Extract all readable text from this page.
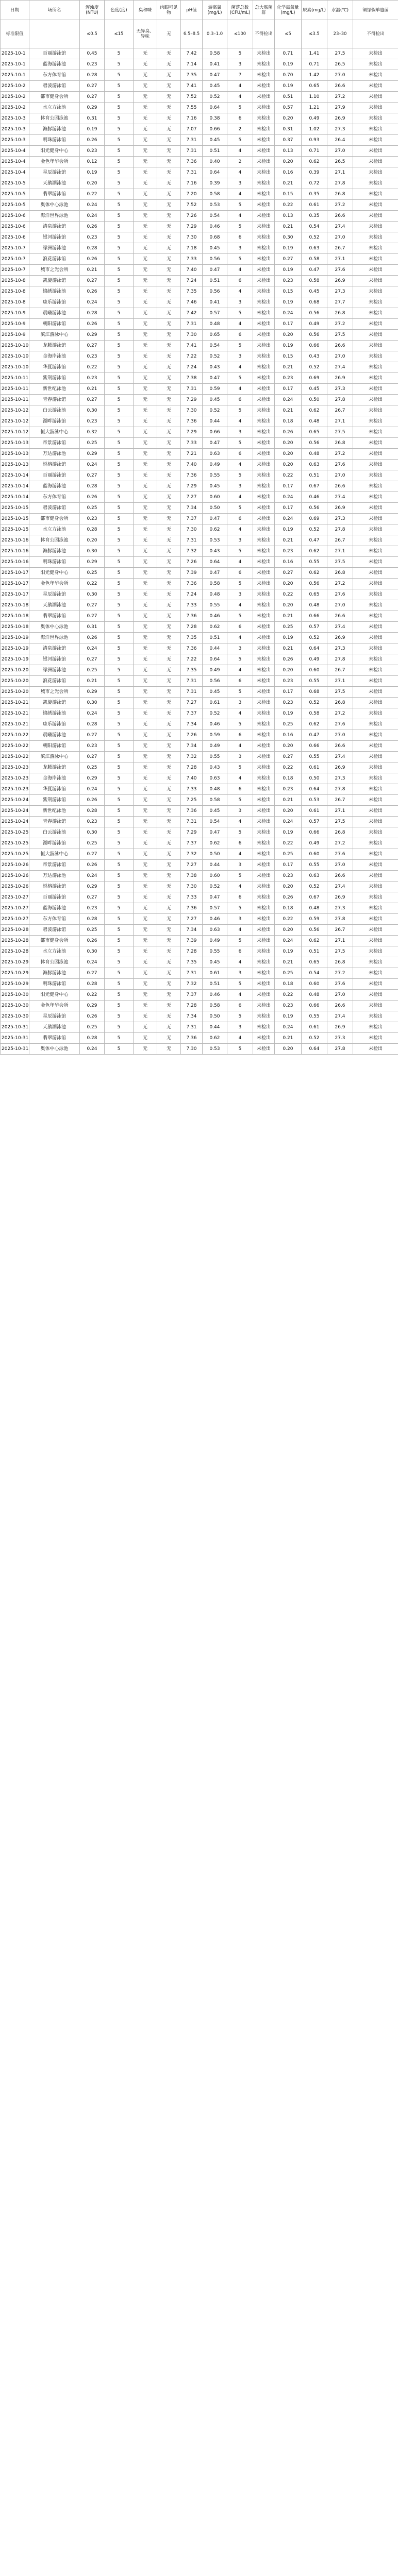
日期	场所名	浑浊度(NTU)	色度(度)	臭和味	肉眼可见物	pH值	游离氯(mg/L)	菌落总数(CFU/mL)	总大肠菌群	化学需氧量(mg/L)	尿素(mg/L)	水温(℃)	铜绿假单胞菌
标准限值		≤0.5	≤15	无异臭、异味	无	6.5–8.5	0.3–1.0	≤100	不得检出	≤5	≤3.5	23–30	不得检出
2025-10-1	百丽游泳馆	0.45	5	无	无	7.42	0.58	5	未检出	0.71	1.41	27.5	未检出
2025-10-1	蓝海游泳池	0.23	5	无	无	7.14	0.41	3	未检出	0.19	0.71	26.5	未检出
2025-10-1	东方体育馆	0.28	5	无	无	7.35	0.47	7	未检出	0.70	1.42	27.0	未检出
2025-10-2	碧波游泳馆	0.27	5	无	无	7.41	0.45	4	未检出	0.19	0.65	26.6	未检出
2025-10-2	都市健身会所	0.27	5	无	无	7.52	0.52	4	未检出	0.51	1.10	27.2	未检出
2025-10-2	水立方泳池	0.29	5	无	无	7.55	0.64	5	未检出	0.57	1.21	27.9	未检出
2025-10-3	体育公园泳池	0.31	5	无	无	7.16	0.38	6	未检出	0.20	0.49	26.9	未检出
2025-10-3	海豚游泳池	0.19	5	无	无	7.07	0.66	2	未检出	0.31	1.02	27.3	未检出
2025-10-3	明珠游泳馆	0.26	5	无	无	7.31	0.45	5	未检出	0.37	0.93	26.4	未检出
2025-10-4	阳光健身中心	0.23	5	无	无	7.31	0.51	4	未检出	0.13	0.71	27.0	未检出
2025-10-4	金色年华会所	0.12	5	无	无	7.36	0.40	2	未检出	0.20	0.62	26.5	未检出
2025-10-4	星辰游泳馆	0.19	5	无	无	7.31	0.64	4	未检出	0.16	0.39	27.1	未检出
2025-10-5	天鹅湖泳池	0.20	5	无	无	7.16	0.39	3	未检出	0.21	0.72	27.8	未检出
2025-10-5	翡翠游泳馆	0.22	5	无	无	7.20	0.58	4	未检出	0.15	0.35	26.8	未检出
2025-10-5	奥体中心泳池	0.24	5	无	无	7.52	0.53	5	未检出	0.22	0.61	27.2	未检出
2025-10-6	海洋世界泳池	0.24	5	无	无	7.26	0.54	4	未检出	0.13	0.35	26.6	未检出
2025-10-6	清泉游泳馆	0.26	5	无	无	7.29	0.46	5	未检出	0.21	0.54	27.4	未检出
2025-10-6	银河游泳馆	0.23	5	无	无	7.30	0.68	6	未检出	0.30	0.52	27.0	未检出
2025-10-7	绿洲游泳池	0.28	5	无	无	7.18	0.45	3	未检出	0.19	0.63	26.7	未检出
2025-10-7	浪花游泳馆	0.26	5	无	无	7.33	0.56	5	未检出	0.27	0.58	27.1	未检出
2025-10-7	城市之光会所	0.21	5	无	无	7.40	0.47	4	未检出	0.19	0.47	27.6	未检出
2025-10-8	凯旋游泳馆	0.27	5	无	无	7.24	0.51	6	未检出	0.23	0.58	26.9	未检出
2025-10-8	锦绣游泳池	0.26	5	无	无	7.35	0.56	4	未检出	0.15	0.45	27.3	未检出
2025-10-8	康乐游泳馆	0.24	5	无	无	7.46	0.41	3	未检出	0.19	0.68	27.7	未检出
2025-10-9	晨曦游泳池	0.28	5	无	无	7.42	0.57	5	未检出	0.24	0.56	26.8	未检出
2025-10-9	朝阳游泳馆	0.26	5	无	无	7.31	0.48	4	未检出	0.17	0.49	27.2	未检出
2025-10-9	滨江游泳中心	0.29	5	无	无	7.30	0.65	6	未检出	0.20	0.56	27.5	未检出
2025-10-10	龙腾游泳馆	0.27	5	无	无	7.41	0.54	5	未检出	0.19	0.66	26.6	未检出
2025-10-10	金海岸泳池	0.23	5	无	无	7.22	0.52	3	未检出	0.15	0.43	27.0	未检出
2025-10-10	华夏游泳馆	0.22	5	无	无	7.24	0.43	4	未检出	0.21	0.52	27.4	未检出
2025-10-11	紫荆游泳馆	0.23	5	无	无	7.38	0.47	5	未检出	0.23	0.69	26.9	未检出
2025-10-11	新世纪泳池	0.21	5	无	无	7.31	0.59	4	未检出	0.17	0.45	27.3	未检出
2025-10-11	青春游泳馆	0.27	5	无	无	7.29	0.45	6	未检出	0.24	0.50	27.8	未检出
2025-10-12	白云游泳池	0.30	5	无	无	7.30	0.52	5	未检出	0.21	0.62	26.7	未检出
2025-10-12	湖畔游泳馆	0.23	5	无	无	7.36	0.44	4	未检出	0.18	0.48	27.1	未检出
2025-10-12	恒大游泳中心	0.32	5	无	无	7.29	0.66	3	未检出	0.26	0.65	27.5	未检出
2025-10-13	帝景游泳馆	0.25	5	无	无	7.33	0.47	5	未检出	0.20	0.56	26.8	未检出
2025-10-13	万达游泳池	0.29	5	无	无	7.21	0.63	6	未检出	0.20	0.48	27.2	未检出
2025-10-13	悦榕游泳馆	0.24	5	无	无	7.40	0.49	4	未检出	0.20	0.63	27.6	未检出
2025-10-14	百丽游泳馆	0.27	5	无	无	7.36	0.55	5	未检出	0.22	0.51	27.0	未检出
2025-10-14	蓝海游泳池	0.28	5	无	无	7.29	0.45	3	未检出	0.17	0.67	26.6	未检出
2025-10-14	东方体育馆	0.26	5	无	无	7.27	0.60	4	未检出	0.24	0.46	27.4	未检出
2025-10-15	碧波游泳馆	0.25	5	无	无	7.34	0.50	5	未检出	0.17	0.56	26.9	未检出
2025-10-15	都市健身会所	0.23	5	无	无	7.37	0.47	6	未检出	0.24	0.69	27.3	未检出
2025-10-15	水立方泳池	0.28	5	无	无	7.30	0.62	4	未检出	0.19	0.52	27.8	未检出
2025-10-16	体育公园泳池	0.20	5	无	无	7.31	0.53	3	未检出	0.21	0.47	26.7	未检出
2025-10-16	海豚游泳池	0.30	5	无	无	7.32	0.43	5	未检出	0.23	0.62	27.1	未检出
2025-10-16	明珠游泳馆	0.29	5	无	无	7.26	0.64	4	未检出	0.16	0.55	27.5	未检出
2025-10-17	阳光健身中心	0.25	5	无	无	7.39	0.47	6	未检出	0.27	0.62	26.8	未检出
2025-10-17	金色年华会所	0.22	5	无	无	7.36	0.58	5	未检出	0.20	0.56	27.2	未检出
2025-10-17	星辰游泳馆	0.30	5	无	无	7.24	0.48	3	未检出	0.22	0.65	27.6	未检出
2025-10-18	天鹅湖泳池	0.27	5	无	无	7.33	0.55	4	未检出	0.20	0.48	27.0	未检出
2025-10-18	翡翠游泳馆	0.27	5	无	无	7.36	0.46	5	未检出	0.21	0.66	26.6	未检出
2025-10-18	奥体中心泳池	0.31	5	无	无	7.28	0.62	6	未检出	0.25	0.57	27.4	未检出
2025-10-19	海洋世界泳池	0.26	5	无	无	7.35	0.51	4	未检出	0.19	0.52	26.9	未检出
2025-10-19	清泉游泳馆	0.24	5	无	无	7.36	0.44	3	未检出	0.21	0.64	27.3	未检出
2025-10-19	银河游泳馆	0.27	5	无	无	7.22	0.64	5	未检出	0.26	0.49	27.8	未检出
2025-10-20	绿洲游泳池	0.25	5	无	无	7.35	0.49	4	未检出	0.20	0.60	26.7	未检出
2025-10-20	浪花游泳馆	0.21	5	无	无	7.31	0.56	6	未检出	0.23	0.55	27.1	未检出
2025-10-20	城市之光会所	0.29	5	无	无	7.31	0.45	5	未检出	0.17	0.68	27.5	未检出
2025-10-21	凯旋游泳馆	0.30	5	无	无	7.27	0.61	3	未检出	0.23	0.52	26.8	未检出
2025-10-21	锦绣游泳池	0.24	5	无	无	7.37	0.52	4	未检出	0.19	0.58	27.2	未检出
2025-10-21	康乐游泳馆	0.28	5	无	无	7.34	0.46	5	未检出	0.25	0.62	27.6	未检出
2025-10-22	晨曦游泳池	0.27	5	无	无	7.26	0.59	6	未检出	0.16	0.47	27.0	未检出
2025-10-22	朝阳游泳馆	0.23	5	无	无	7.34	0.49	4	未检出	0.20	0.66	26.6	未检出
2025-10-22	滨江游泳中心	0.27	5	无	无	7.32	0.55	3	未检出	0.27	0.55	27.4	未检出
2025-10-23	龙腾游泳馆	0.25	5	无	无	7.28	0.43	5	未检出	0.22	0.61	26.9	未检出
2025-10-23	金海岸泳池	0.29	5	无	无	7.40	0.63	4	未检出	0.18	0.50	27.3	未检出
2025-10-23	华夏游泳馆	0.24	5	无	无	7.33	0.48	6	未检出	0.23	0.64	27.8	未检出
2025-10-24	紫荆游泳馆	0.26	5	无	无	7.25	0.58	5	未检出	0.21	0.53	26.7	未检出
2025-10-24	新世纪泳池	0.28	5	无	无	7.36	0.45	3	未检出	0.20	0.61	27.1	未检出
2025-10-24	青春游泳馆	0.23	5	无	无	7.31	0.54	4	未检出	0.24	0.57	27.5	未检出
2025-10-25	白云游泳池	0.30	5	无	无	7.29	0.47	5	未检出	0.19	0.66	26.8	未检出
2025-10-25	湖畔游泳馆	0.25	5	无	无	7.37	0.62	6	未检出	0.22	0.49	27.2	未检出
2025-10-25	恒大游泳中心	0.27	5	无	无	7.32	0.50	4	未检出	0.25	0.60	27.6	未检出
2025-10-26	帝景游泳馆	0.26	5	无	无	7.27	0.44	3	未检出	0.17	0.55	27.0	未检出
2025-10-26	万达游泳池	0.24	5	无	无	7.38	0.60	5	未检出	0.23	0.63	26.6	未检出
2025-10-26	悦榕游泳馆	0.29	5	无	无	7.30	0.52	4	未检出	0.20	0.52	27.4	未检出
2025-10-27	百丽游泳馆	0.27	5	无	无	7.33	0.47	6	未检出	0.26	0.67	26.9	未检出
2025-10-27	蓝海游泳池	0.23	5	无	无	7.36	0.57	5	未检出	0.18	0.48	27.3	未检出
2025-10-27	东方体育馆	0.28	5	无	无	7.27	0.46	3	未检出	0.22	0.59	27.8	未检出
2025-10-28	碧波游泳馆	0.25	5	无	无	7.34	0.63	4	未检出	0.20	0.56	26.7	未检出
2025-10-28	都市健身会所	0.26	5	无	无	7.39	0.49	5	未检出	0.24	0.62	27.1	未检出
2025-10-28	水立方泳池	0.30	5	无	无	7.28	0.55	6	未检出	0.19	0.51	27.5	未检出
2025-10-29	体育公园泳池	0.24	5	无	无	7.35	0.45	4	未检出	0.21	0.65	26.8	未检出
2025-10-29	海豚游泳池	0.27	5	无	无	7.31	0.61	3	未检出	0.25	0.54	27.2	未检出
2025-10-29	明珠游泳馆	0.28	5	无	无	7.32	0.51	5	未检出	0.18	0.60	27.6	未检出
2025-10-30	阳光健身中心	0.22	5	无	无	7.37	0.46	4	未检出	0.22	0.48	27.0	未检出
2025-10-30	金色年华会所	0.29	5	无	无	7.28	0.58	6	未检出	0.23	0.66	26.6	未检出
2025-10-30	星辰游泳馆	0.26	5	无	无	7.34	0.50	5	未检出	0.19	0.55	27.4	未检出
2025-10-31	天鹅湖泳池	0.25	5	无	无	7.31	0.44	3	未检出	0.24	0.61	26.9	未检出
2025-10-31	翡翠游泳馆	0.28	5	无	无	7.36	0.62	4	未检出	0.21	0.52	27.3	未检出
2025-10-31	奥体中心泳池	0.24	5	无	无	7.30	0.53	5	未检出	0.20	0.64	27.8	未检出
